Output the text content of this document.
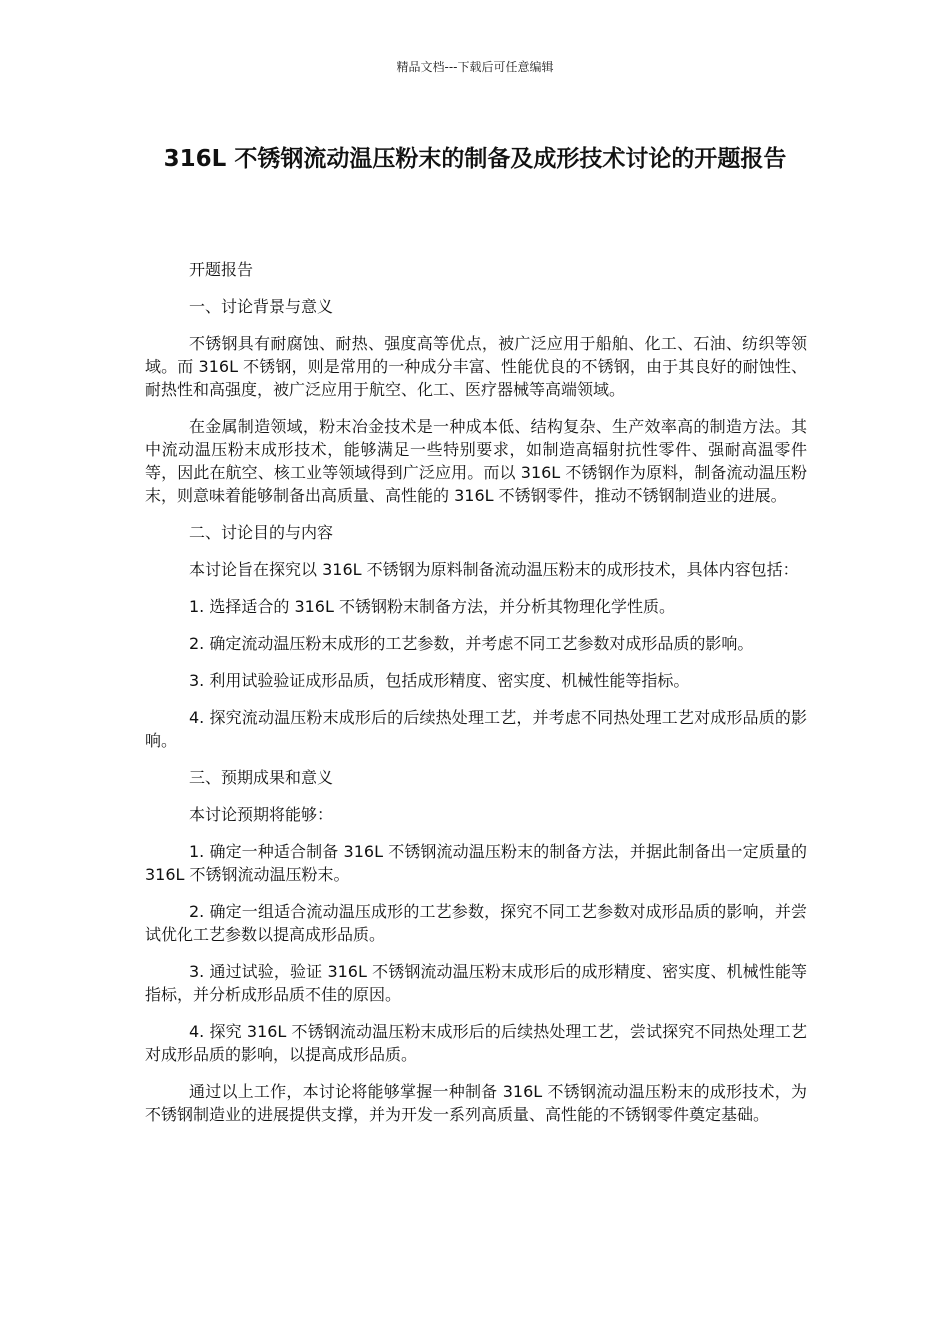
精品文档---下载后可任意编辑
316L 不锈钢流动温压粉末的制备及成形技术讨论的开题报告

开题报告

一、讨论背景与意义

不锈钢具有耐腐蚀、耐热、强度高等优点，被广泛应用于船舶、化工、石油、纺织等领域。而 316L 不锈钢，则是常用的一种成分丰富、性能优良的不锈钢，由于其良好的耐蚀性、耐热性和高强度，被广泛应用于航空、化工、医疗器械等高端领域。

在金属制造领域，粉末冶金技术是一种成本低、结构复杂、生产效率高的制造方法。其中流动温压粉末成形技术，能够满足一些特别要求，如制造高辐射抗性零件、强耐高温零件等，因此在航空、核工业等领域得到广泛应用。而以 316L 不锈钢作为原料，制备流动温压粉末，则意味着能够制备出高质量、高性能的 316L 不锈钢零件，推动不锈钢制造业的进展。

二、讨论目的与内容

本讨论旨在探究以 316L 不锈钢为原料制备流动温压粉末的成形技术，具体内容包括：

1. 选择适合的 316L 不锈钢粉末制备方法，并分析其物理化学性质。

2. 确定流动温压粉末成形的工艺参数，并考虑不同工艺参数对成形品质的影响。

3. 利用试验验证成形品质，包括成形精度、密实度、机械性能等指标。

4. 探究流动温压粉末成形后的后续热处理工艺，并考虑不同热处理工艺对成形品质的影响。

三、预期成果和意义

本讨论预期将能够：

1. 确定一种适合制备 316L 不锈钢流动温压粉末的制备方法，并据此制备出一定质量的 316L 不锈钢流动温压粉末。

2. 确定一组适合流动温压成形的工艺参数，探究不同工艺参数对成形品质的影响，并尝试优化工艺参数以提高成形品质。

3. 通过试验，验证 316L 不锈钢流动温压粉末成形后的成形精度、密实度、机械性能等指标，并分析成形品质不佳的原因。

4. 探究 316L 不锈钢流动温压粉末成形后的后续热处理工艺，尝试探究不同热处理工艺对成形品质的影响，以提高成形品质。

通过以上工作，本讨论将能够掌握一种制备 316L 不锈钢流动温压粉末的成形技术，为不锈钢制造业的进展提供支撑，并为开发一系列高质量、高性能的不锈钢零件奠定基础。
